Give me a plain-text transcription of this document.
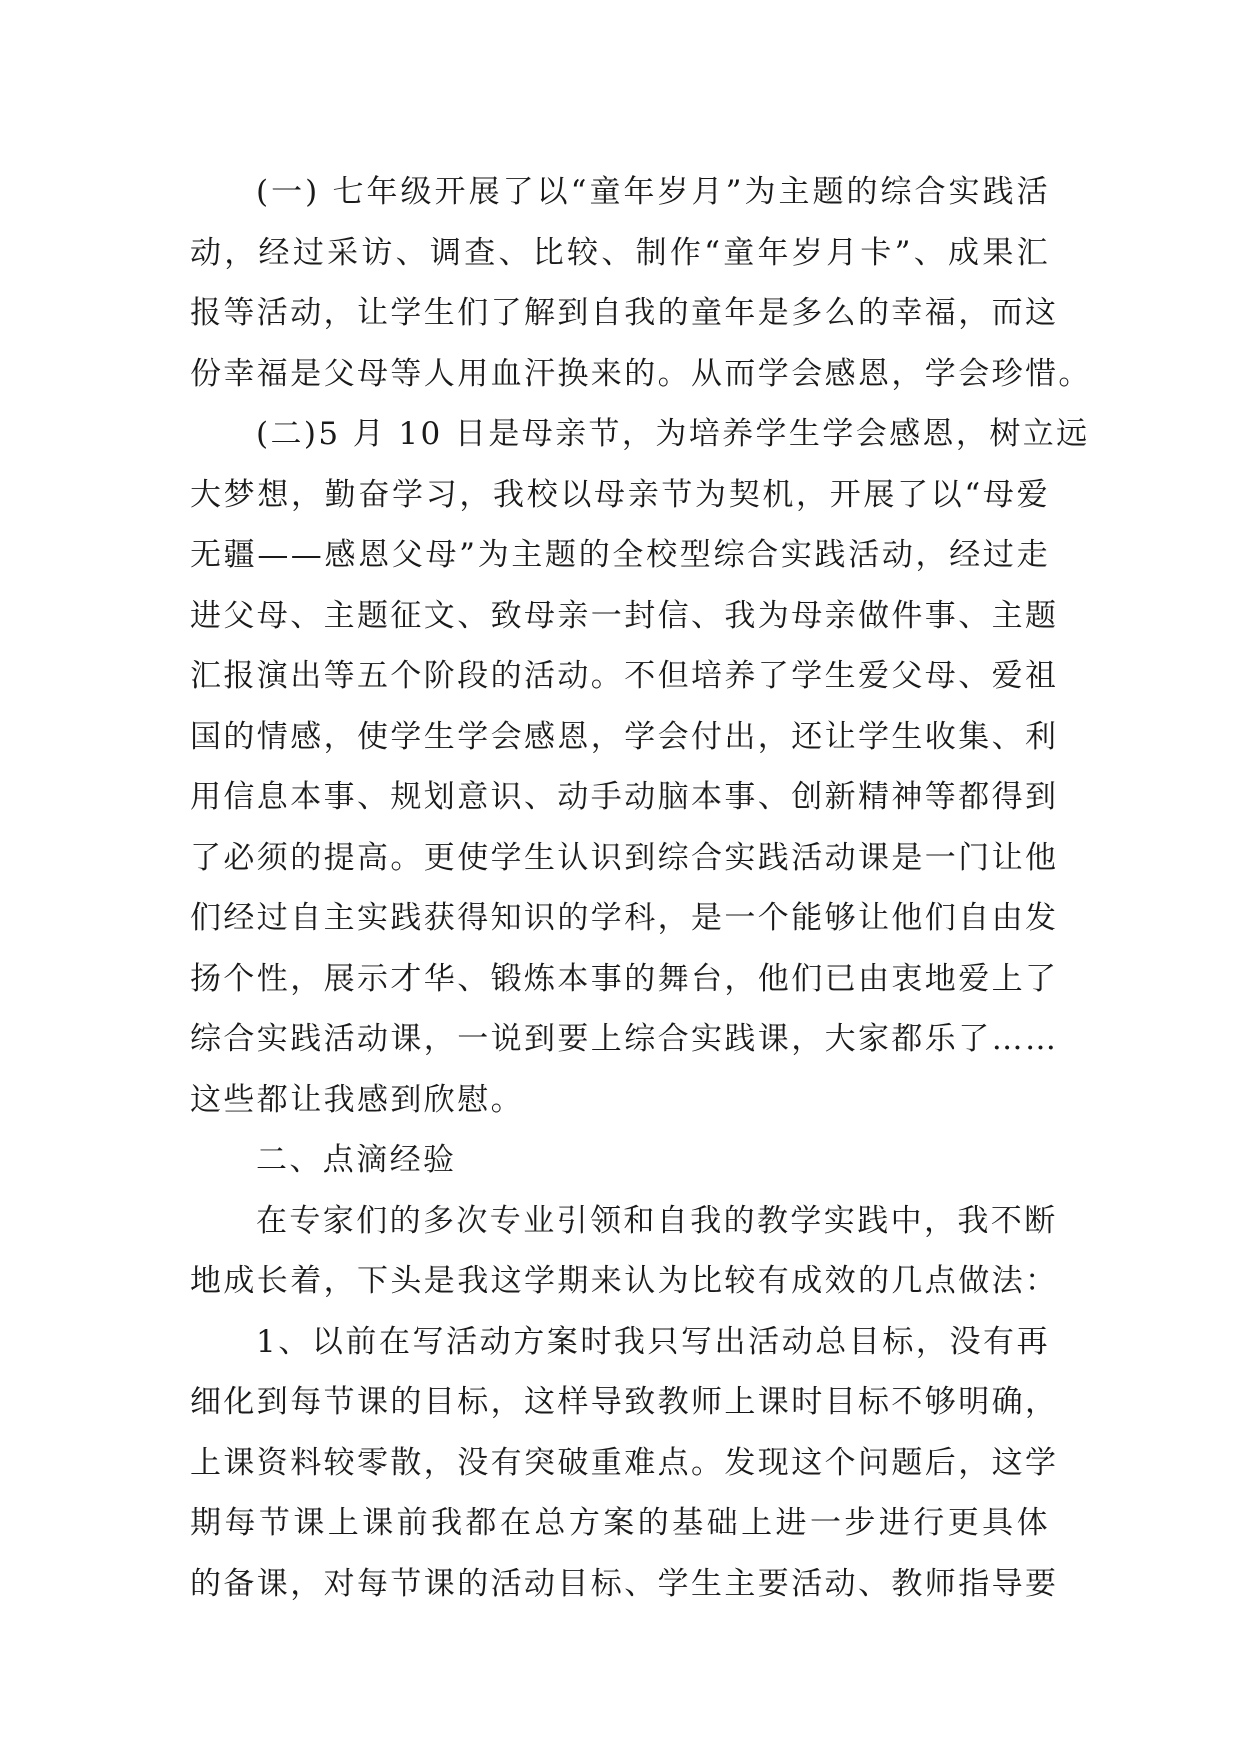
(一) 七年级开展了以“童年岁月”为主题的综合实践活
动，经过采访、调查、比较、制作“童年岁月卡”、成果汇
报等活动，让学生们了解到自我的童年是多么的幸福，而这
份幸福是父母等人用血汗换来的。从而学会感恩，学会珍惜。
(二)5 月 10 日是母亲节，为培养学生学会感恩，树立远
大梦想，勤奋学习，我校以母亲节为契机，开展了以“母爱
无疆——感恩父母”为主题的全校型综合实践活动，经过走
进父母、主题征文、致母亲一封信、我为母亲做件事、主题
汇报演出等五个阶段的活动。不但培养了学生爱父母、爱祖
国的情感，使学生学会感恩，学会付出，还让学生收集、利
用信息本事、规划意识、动手动脑本事、创新精神等都得到
了必须的提高。更使学生认识到综合实践活动课是一门让他
们经过自主实践获得知识的学科，是一个能够让他们自由发
扬个性，展示才华、锻炼本事的舞台，他们已由衷地爱上了
综合实践活动课，一说到要上综合实践课，大家都乐了……
这些都让我感到欣慰。
二、点滴经验
在专家们的多次专业引领和自我的教学实践中，我不断
地成长着，下头是我这学期来认为比较有成效的几点做法：
1、以前在写活动方案时我只写出活动总目标，没有再
细化到每节课的目标，这样导致教师上课时目标不够明确，
上课资料较零散，没有突破重难点。发现这个问题后，这学
期每节课上课前我都在总方案的基础上进一步进行更具体
的备课，对每节课的活动目标、学生主要活动、教师指导要
